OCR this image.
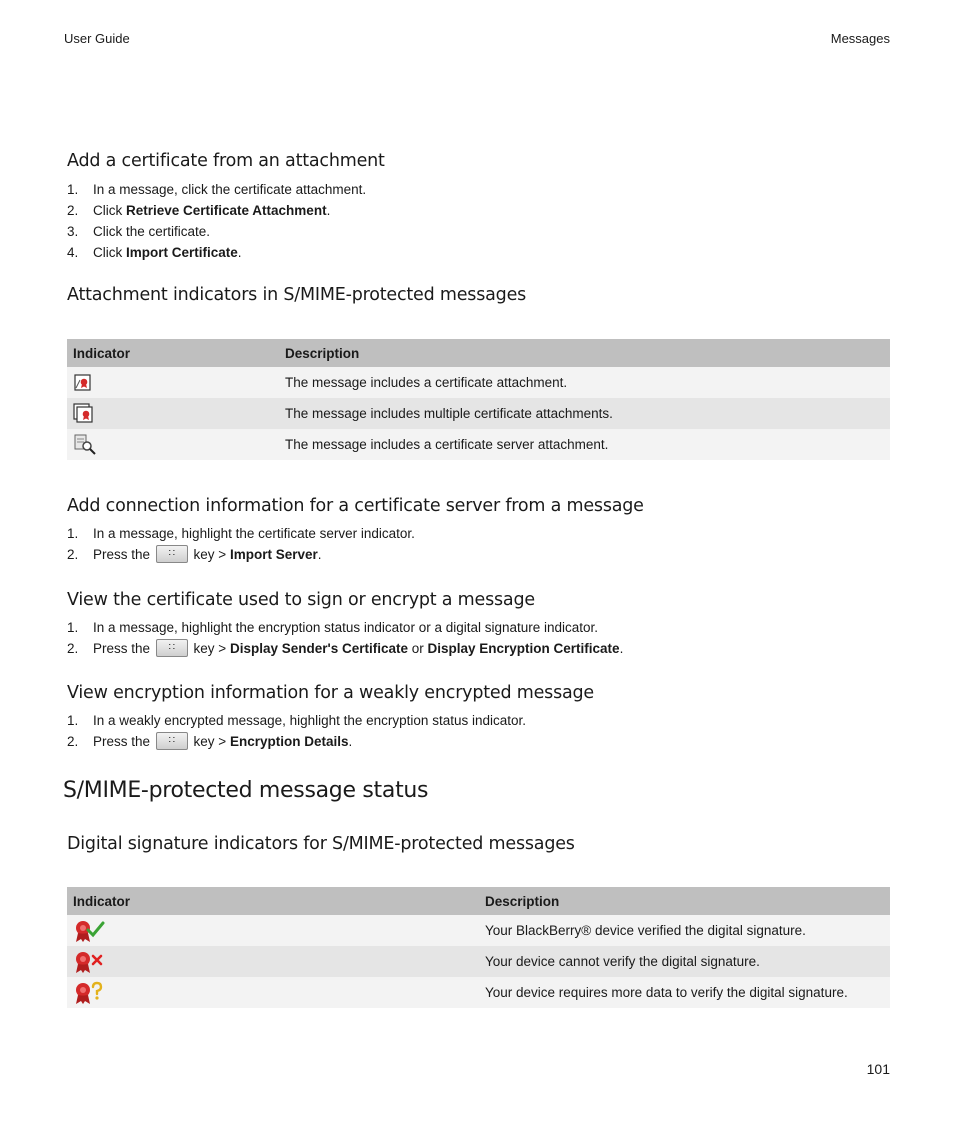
User Guide	Messages
Add a certificate from an attachment
1. In a message, click the certificate attachment.
2. Click Retrieve Certificate Attachment.
3. Click the certificate.
4. Click Import Certificate.
Attachment indicators in S/MIME-protected messages
Indicator	Description

	The message includes a certificate attachment.

	The message includes multiple certificate attachments.

	The message includes a certificate server attachment.
Add connection information for a certificate server from a message
1. In a message, highlight the certificate server indicator.
2. Press the ∷ key > Import Server.
View the certificate used to sign or encrypt a message
1. In a message, highlight the encryption status indicator or a digital signature indicator.
2. Press the ∷ key > Display Sender's Certificate or Display Encryption Certificate.
View encryption information for a weakly encrypted message
1. In a weakly encrypted message, highlight the encryption status indicator.
2. Press the ∷ key > Encryption Details.
S/MIME-protected message status
Digital signature indicators for S/MIME-protected messages
Indicator	Description

	Your BlackBerry® device verified the digital signature.

	Your device cannot verify the digital signature.

	Your device requires more data to verify the digital signature.
101
